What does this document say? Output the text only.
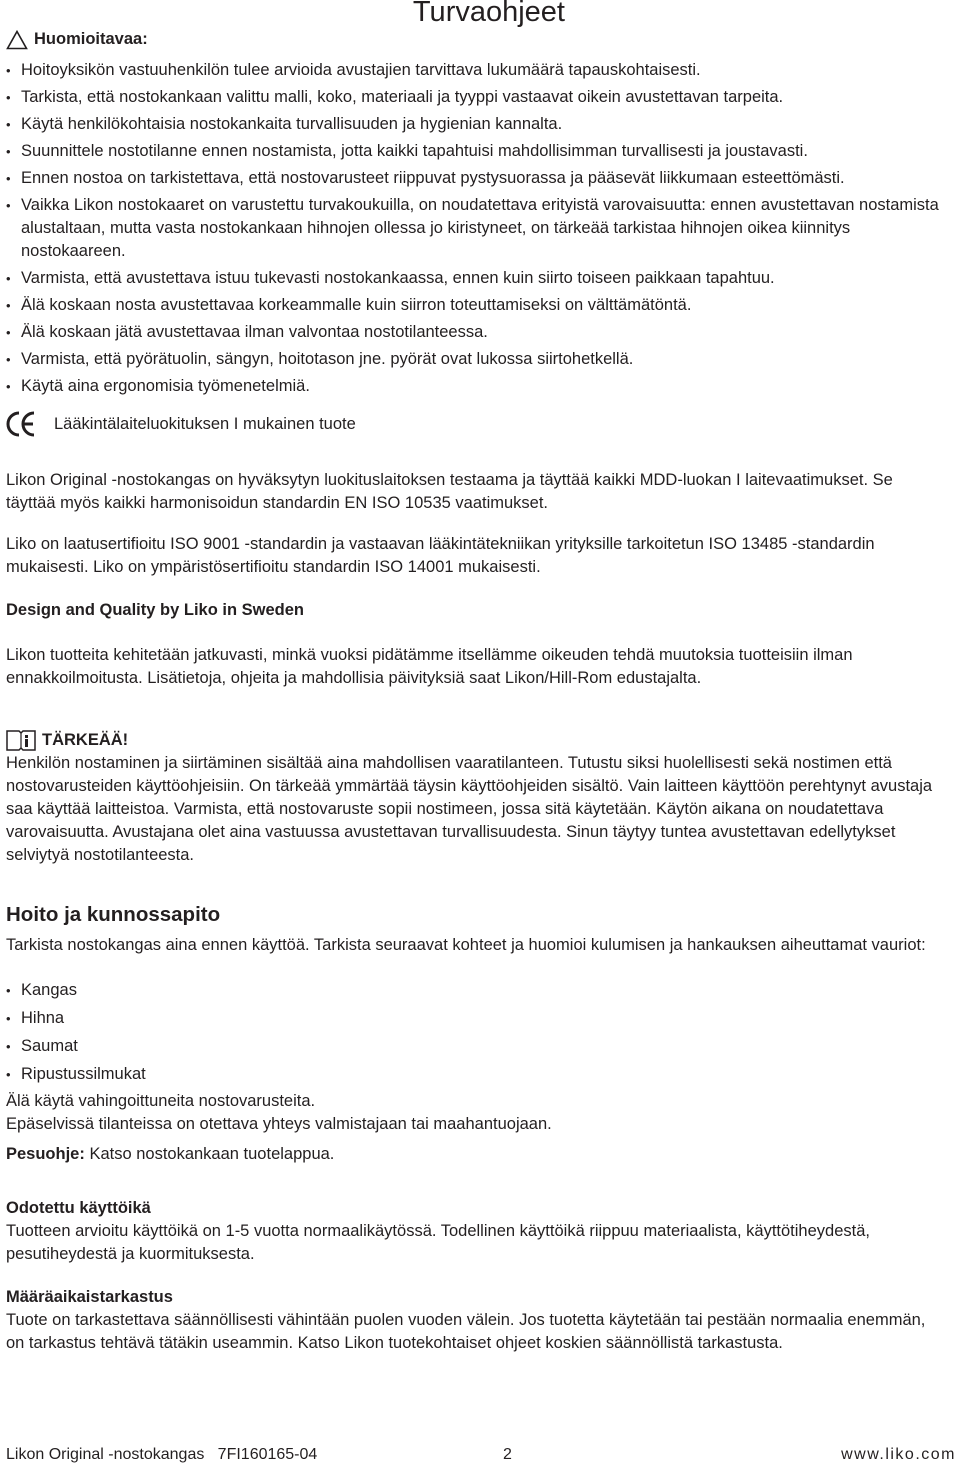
Turvaohjeet
Huomioitavaa:
• Hoitoyksikön vastuuhenkilön tulee arvioida avustajien tarvittava lukumäärä tapauskohtaisesti.
• Tarkista, että nostokankaan valittu malli, koko, materiaali ja tyyppi vastaavat oikein avustettavan tarpeita.
• Käytä henkilökohtaisia nostokankaita turvallisuuden ja hygienian kannalta.
• Suunnittele nostotilanne ennen nostamista, jotta kaikki tapahtuisi mahdollisimman turvallisesti ja joustavasti.
• Ennen nostoa on tarkistettava, että nostovarusteet riippuvat pystysuorassa ja pääsevät liikkumaan esteettömästi.
• Vaikka Likon nostokaaret on varustettu turvakoukuilla, on noudatettava erityistä varovaisuutta: ennen avustettavan nostamista alustaltaan, mutta vasta nostokankaan hihnojen ollessa jo kiristyneet, on tärkeää tarkistaa hihnojen oikea kiinnitys nostokaareen.
• Varmista, että avustettava istuu tukevasti nostokankaassa, ennen kuin siirto toiseen paikkaan tapahtuu.
• Älä koskaan nosta avustettavaa korkeammalle kuin siirron toteuttamiseksi on välttämätöntä.
• Älä koskaan jätä avustettavaa ilman valvontaa nostotilanteessa.
• Varmista, että pyörätuolin, sängyn, hoitotason jne. pyörät ovat lukossa siirtohetkellä.
• Käytä aina ergonomisia työmenetelmiä.
Lääkintälaiteluokituksen I mukainen tuote

Likon Original -nostokangas on hyväksytyn luokituslaitoksen testaama ja täyttää kaikki MDD-luokan I laitevaatimukset. Se täyttää myös kaikki harmonisoidun standardin EN ISO 10535 vaatimukset.

Liko on laatusertifioitu ISO 9001 -standardin ja vastaavan lääkintätekniikan yrityksille tarkoitetun ISO 13485 -standardin mukaisesti. Liko on ympäristösertifioitu standardin ISO 14001 mukaisesti.

Design and Quality by Liko in Sweden

Likon tuotteita kehitetään jatkuvasti, minkä vuoksi pidätämme itsellämme oikeuden tehdä muutoksia tuotteisiin ilman ennakkoilmoitusta. Lisätietoja, ohjeita ja mahdollisia päivityksiä saat Likon/Hill-Rom edustajalta.

TÄRKEÄÄ!

Henkilön nostaminen ja siirtäminen sisältää aina mahdollisen vaaratilanteen. Tutustu siksi huolellisesti sekä nostimen että nostovarusteiden käyttöohjeisiin. On tärkeää ymmärtää täysin käyttöohjeiden sisältö. Vain laitteen käyttöön perehtynyt avustaja saa käyttää laitteistoa. Varmista, että nostovaruste sopii nostimeen, jossa sitä käytetään. Käytön aikana on noudatettava varovaisuutta. Avustajana olet aina vastuussa avustettavan turvallisuudesta. Sinun täytyy tuntea avustettavan edellytykset selviytyä nostotilanteesta.

Hoito ja kunnossapito

Tarkista nostokangas aina ennen käyttöä. Tarkista seuraavat kohteet ja huomioi kulumisen ja hankauksen aiheuttamat vauriot:

• Kangas
• Hihna
• Saumat
• Ripustussilmukat

Älä käytä vahingoittuneita nostovarusteita.

Epäselvissä tilanteissa on otettava yhteys valmistajaan tai maahantuojaan.

Pesuohje: Katso nostokankaan tuotelappua.

Odotettu käyttöikä

Tuotteen arvioitu käyttöikä on 1-5 vuotta normaalikäytössä. Todellinen käyttöikä riippuu materiaalista, käyttötiheydestä, pesutiheydestä ja kuormituksesta.

Määräaikaistarkastus

Tuote on tarkastettava säännöllisesti vähintään puolen vuoden välein. Jos tuotetta käytetään tai pestään normaalia enemmän, on tarkastus tehtävä tätäkin useammin. Katso Likon tuotekohtaiset ohjeet koskien säännöllistä tarkastusta.

Likon Original -nostokangas   7FI160165-04	2	www.liko.com
